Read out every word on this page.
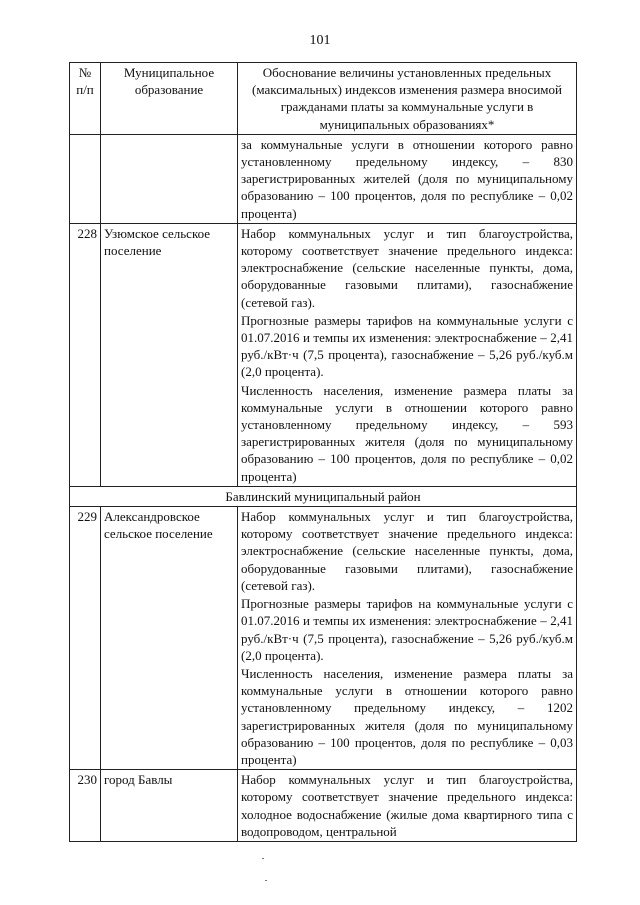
101
№ п/п	Муниципальное образование	Обоснование величины установленных предельных (максимальных) индексов изменения размера вносимой гражданами платы за коммунальные услуги в муниципальных образованиях*
		за коммунальные услуги в отношении которого равно установленному предельному индексу, – 830 зарегистрированных жителей (доля по муниципальному образованию – 100 процентов, доля по республике – 0,02 процента)
228	Узюмское сельское поселение	Набор коммунальных услуг и тип благоустройства, которому соответствует значение предельного индекса: электроснабжение (сельские населенные пункты, дома, оборудованные газовыми плитами), газоснабжение (сетевой газ).
Прогнозные размеры тарифов на коммунальные услуги с 01.07.2016 и темпы их изменения: электроснабжение – 2,41 руб./кВт·ч (7,5 процента), газоснабжение – 5,26 руб./куб.м (2,0 процента).
Численность населения, изменение размера платы за коммунальные услуги в отношении которого равно установленному предельному индексу, – 593 зарегистрированных жителя (доля по муниципальному образованию – 100 процентов, доля по республике – 0,02 процента)

Бавлинский муниципальный район		
229	Александровское сельское поселение	Набор коммунальных услуг и тип благоустройства, которому соответствует значение предельного индекса: электроснабжение (сельские населенные пункты, дома, оборудованные газовыми плитами), газоснабжение (сетевой газ).
Прогнозные размеры тарифов на коммунальные услуги с 01.07.2016 и темпы их изменения: электроснабжение – 2,41 руб./кВт·ч (7,5 процента), газоснабжение – 5,26 руб./куб.м (2,0 процента).
Численность населения, изменение размера платы за коммунальные услуги в отношении которого равно установленному предельному индексу, – 1202 зарегистрированных жителя (доля по муниципальному образованию – 100 процентов, доля по республике – 0,03 процента)

230	город Бавлы	Набор коммунальных услуг и тип благоустройства, которому соответствует значение предельного индекса: холодное водоснабжение (жилые дома квартирного типа с водопроводом, центральной
